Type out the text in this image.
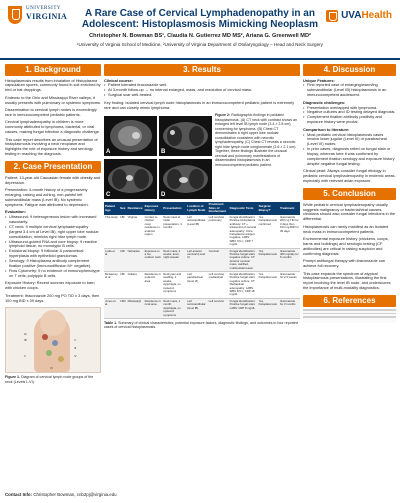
UNIVERSITY
VIRGINIA	A Rare Case of Cervical Lymphadenopathy in an Adolescent: Histoplasmosis Mimicking Neoplasm
UVAHealth
Christopher N. Bowman BS¹, Claudia N. Gutierrez MD MS², Ariana G. Greenwell MD²
¹University of Virginia School of Medicine, ²University of Virginia Department of Otolaryngology – Head and Neck Surgery
1. Background

Histoplasmosis results from inhalation of Histoplasma capsulatum spores, commonly found in soil enriched by bird or bat droppings.

Endemic to the Ohio and Mississippi River valleys, it usually presents with pulmonary or systemic symptoms.

Dissemination to cervical lymph nodes is exceedingly rare in immunocompetent pediatric patients.

Cervical lymphadenopathy in children is more commonly attributed to lymphoma, bacterial, or viral causes, making fungal infection a diagnostic challenge.

This case report describes an unusual presentation of histoplasmosis involving a neck neoplasm and highlights the role of exposure history and serology testing in reaching the diagnosis.

2. Case Presentation

Patient: 13-year-old Caucasian female with obesity and depression.

Presentation: 4-month history of a progressively enlarging, raising and aching, non-painful left submandibular mass (Level IB). No systemic symptoms. Fatigue was attributed to depression.

Evaluation:

• Ultrasound: 9 heterogeneous lesion with increased vascularity.
• CT neck: 9 multiple cervical lymphadenopathy (largest 3.4 cm at Level IB), right upper lobe nodular consolidation, mimicks right hilar lymph node.
• Ultrasound-guided FNA and core biopsy: 9 reactive lymphoid tissue, no monotypic B cells.
• Excisional biopsy: 9 follicular & paracortical hyperplasia with epithelioid granulomas.
• Serology: 9 Histoplasma antibody complement fixation positive (Immunodiffusion M+ negative).
• Flow Cytometry: 9 no evidence of immunophenotype on T cells; polytypic B cells.

Exposure History: Recent summer exposure to barn with chicken coops.

Treatment: Itraconazole 200 mg PO TID x 3 days, then 100 mg BID x 39 days.

IA
IB	II
III
IV
V
VI
Figure 1. Diagram of cervical lymph node groups of the neck (Levels I–VI).
3. Results

Clinical course:

• Patient tolerated itraconazole well.
• At 3-month follow-up → no interval enlarged, mass, and resolution of cervical mass.
• Surgical scar well-healed.

Key finding: Isolated cervical lymph node histoplasmosis in an immunocompetent pediatric patient is extremely rare and can closely mimic lymphoma.

A	B
C	D
Figure 2: Radiographic findings in pediatric histoplasmosis. (A) CT neck with contrast shows an enlarged left level IB lymph node (3.4 × 2.8 cm), concerning for lymphoma. (B) Chest CT demonstrates a right upper lobe nodular consolidation consistent with necrotic lymphadenopathy. (C) Chest CT reveals a necrotic right hilar lymph node conglomerate (2.6 × 2.1 cm). Together, these findings illustrate the unusual cervical and pulmonary manifestations of disseminated histoplasmosis in an immunocompetent pediatric patient.
Patient Age	Sex	Residence	Exposure History	Presentation	Location of Lymph Node	Prominent Sites of Involvement	Diagnostic Tests	Surgical Biopsy?	Treatment
This study	15F	Virginia	Contact to chicken coop, residence in endemic region	Neck mass at initial presentation, 4 months	Left submandibular (Level IB)	Left cervical, pulmonary	Fungal identification: Positive histoplasma antibody; CT + ultrasound of cervical adenopathy; Urine histoplasma antigen: negative; LABS: WBC 9.6 L; CRP 7 mg/dL	Yes, histoplasmosis confirmed	Itraconazole 200 mg TID for 3 days then 100 mg BID for 39 days
Lydia et al.	10F	Nebraska	Exposure to a fox, outdoor work	Neck mass, 2 weeks; fever, night sweats	Left anterior cervical (Level II)	Cervical	Fungal identification: Positive fungal stain; negative culture. CT: Anterior cervical mass, calcified, multinodular lesion	Yes, histoplasmosis	Itraconazole 400 mg/day for 6 months
McGarvey et al.	16F	Indiana	Residence in endemic area	Neck pain and swelling, 2 weeks; dysphagia, no systemic symptoms	Left paratracheal (level VI)	Left cervical, mediastinal	Fungal identification: Positive fungal stain; negative culture. CT: Mediastinal adenopathy; LABS: WBC 8.5 L; CRP 18 mg/dL	Yes, histoplasmosis	Itraconazole for 2.5 weeks
Jones et al.	16M	Mississippi	Residence in rural area	Neck mass, 1 month; dysphagia, no systemic symptoms	Left submandibular (level IB)	Left cervical	Fungal identification: Positive fungal stain; LABS: CRP 8 mg/dL	Yes, histoplasmosis	Itraconazole for 3 months
Table 1. Summary of clinical characteristics, potential exposure factors, diagnostic findings, and outcomes in four reported cases of cervical histoplasmosis.
4. Discussion

Unique Features:

• First reported case of enlarging/warm/ing submandibular (Level IB) histoplasmosis in an immunocompetent adolescent.

Diagnostic challenges:

• Presentation overlapped with lymphoma.
• Negative cultures and ID testing delayed diagnosis.
• Complement fixation antibody positivity and exposure history were pivotal.

Comparison to literature:

• Most pediatric cervical histoplasmosis cases involve lower jugular (Level III) or paratracheal (Level VI) nodes.
• In prior cases, diagnosis relied on fungal stain or biopsy, whereas here it was confirmed by complement fixation serology and exposure history despite negative fungal testing.

Clinical pearl: Always consider fungal etiology in pediatric cervical lymphadenopathy in endemic areas, especially with relevant avian exposure.

5. Conclusion

While pediatric cervical lymphadenopathy usually suggests malignancy or bacterial/viral causes, clinicians should also consider fungal infections in the differential.

Histoplasmosis can rarely manifest as an isolated neck mass in immunocompetent patients.

Environmental exposure history (chickens, coops, barns and buildings) and serologic testing (CF antibodies) are critical in raising suspicion and confirming diagnosis.

Prompt antifungal therapy with itraconazole can achieve full recovery.

This case expands the spectrum of atypical histoplasmosis presentations, illustrating the first report involving the level IB node, and underscores the importance of multi-modality diagnostics.

6. References
Contact Info: Christopher Bowman, cnb2pj@virginia.edu
